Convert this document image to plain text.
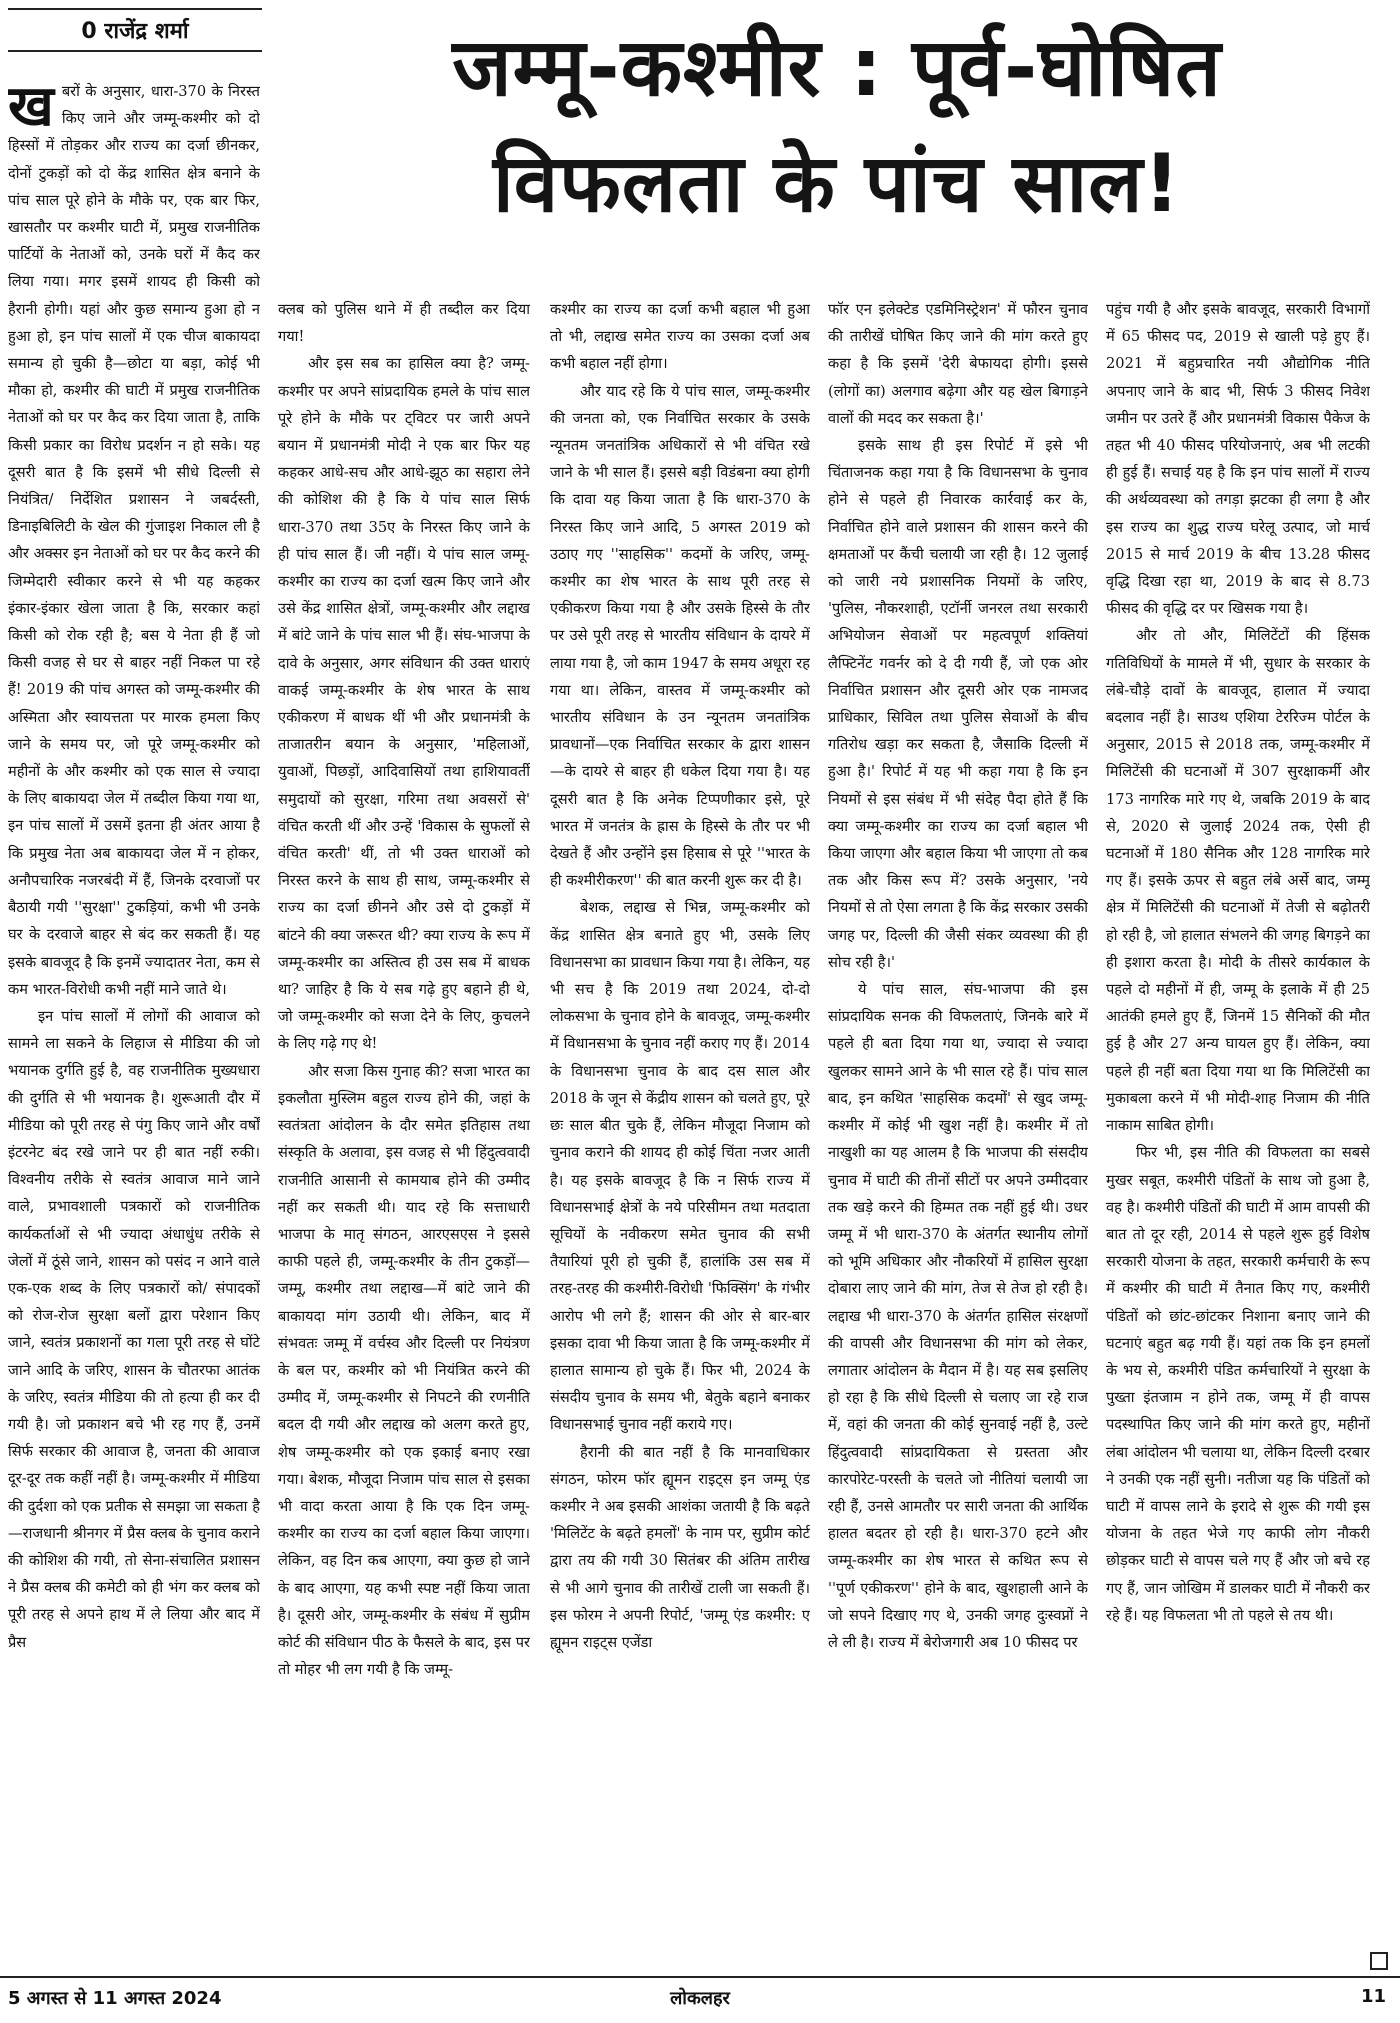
0 राजेंद्र शर्मा	जम्मू-कश्मीर : पूर्व-घोषित
विफलता के पांच साल!

खबरों के अनुसार, धारा-370 के निरस्त किए जाने और जम्मू-कश्मीर को दो हिस्सों में तोड़कर और राज्य का दर्जा छीनकर, दोनों टुकड़ों को दो केंद्र शासित क्षेत्र बनाने के पांच साल पूरे होने के मौके पर, एक बार फिर, खासतौर पर कश्मीर घाटी में, प्रमुख राजनीतिक पार्टियों के नेताओं को, उनके घरों में कैद कर लिया गया। मगर इसमें शायद ही किसी को हैरानी होगी। यहां और कुछ समान्य हुआ हो न हुआ हो, इन पांच सालों में एक चीज बाकायदा समान्य हो चुकी है—छोटा या बड़ा, कोई भी मौका हो, कश्मीर की घाटी में प्रमुख राजनीतिक नेताओं को घर पर कैद कर दिया जाता है, ताकि किसी प्रकार का विरोध प्रदर्शन न हो सके। यह दूसरी बात है कि इसमें भी सीधे दिल्ली से नियंत्रित/ निर्देशित प्रशासन ने जबर्दस्ती, डिनाइबिलिटी के खेल की गुंजाइश निकाल ली है और अक्सर इन नेताओं को घर पर कैद करने की जिम्मेदारी स्वीकार करने से भी यह कहकर इंकार-इंकार खेला जाता है कि, सरकार कहां किसी को रोक रही है; बस ये नेता ही हैं जो किसी वजह से घर से बाहर नहीं निकल पा रहे हैं! 2019 की पांच अगस्त को जम्मू-कश्मीर की अस्मिता और स्वायत्तता पर मारक हमला किए जाने के समय पर, जो पूरे जम्मू-कश्मीर को महीनों के और कश्मीर को एक साल से ज्यादा के लिए बाकायदा जेल में तब्दील किया गया था, इन पांच सालों में उसमें इतना ही अंतर आया है कि प्रमुख नेता अब बाकायदा जेल में न होकर, अनौपचारिक नजरबंदी में हैं, जिनके दरवाजों पर बैठायी गयी ''सुरक्षा'' टुकड़ियां, कभी भी उनके घर के दरवाजे बाहर से बंद कर सकती हैं। यह इसके बावजूद है कि इनमें ज्यादातर नेता, कम से कम भारत-विरोधी कभी नहीं माने जाते थे।

इन पांच सालों में लोगों की आवाज को सामने ला सकने के लिहाज से मीडिया की जो भयानक दुर्गति हुई है, वह राजनीतिक मुख्यधारा की दुर्गति से भी भयानक है। शुरूआती दौर में मीडिया को पूरी तरह से पंगु किए जाने और वर्षों इंटरनेट बंद रखे जाने पर ही बात नहीं रुकी। विश्वनीय तरीके से स्वतंत्र आवाज माने जाने वाले, प्रभावशाली पत्रकारों को राजनीतिक कार्यकर्ताओं से भी ज्यादा अंधाधुंध तरीके से जेलों में ठूंसे जाने, शासन को पसंद न आने वाले एक-एक शब्द के लिए पत्रकारों को/ संपादकों को रोज-रोज सुरक्षा बलों द्वारा परेशान किए जाने, स्वतंत्र प्रकाशनों का गला पूरी तरह से घोंटे जाने आदि के जरिए, शासन के चौतरफा आतंक के जरिए, स्वतंत्र मीडिया की तो हत्या ही कर दी गयी है। जो प्रकाशन बचे भी रह गए हैं, उनमें सिर्फ सरकार की आवाज है, जनता की आवाज दूर-दूर तक कहीं नहीं है। जम्मू-कश्मीर में मीडिया की दुर्दशा को एक प्रतीक से समझा जा सकता है—राजधानी श्रीनगर में प्रैस क्लब के चुनाव कराने की कोशिश की गयी, तो सेना-संचालित प्रशासन ने प्रैस क्लब की कमेटी को ही भंग कर क्लब को पूरी तरह से अपने हाथ में ले लिया और बाद में प्रैस

क्लब को पुलिस थाने में ही तब्दील कर दिया गया!

और इस सब का हासिल क्या है? जम्मू-कश्मीर पर अपने सांप्रदायिक हमले के पांच साल पूरे होने के मौके पर ट्विटर पर जारी अपने बयान में प्रधानमंत्री मोदी ने एक बार फिर यह कहकर आधे-सच और आधे-झूठ का सहारा लेने की कोशिश की है कि ये पांच साल सिर्फ धारा-370 तथा 35ए के निरस्त किए जाने के ही पांच साल हैं। जी नहीं। ये पांच साल जम्मू-कश्मीर का राज्य का दर्जा खत्म किए जाने और उसे केंद्र शासित क्षेत्रों, जम्मू-कश्मीर और लद्दाख में बांटे जाने के पांच साल भी हैं। संघ-भाजपा के दावे के अनुसार, अगर संविधान की उक्त धाराएं वाकई जम्मू-कश्मीर के शेष भारत के साथ एकीकरण में बाधक थीं भी और प्रधानमंत्री के ताजातरीन बयान के अनुसार, 'महिलाओं, युवाओं, पिछड़ों, आदिवासियों तथा हाशियावर्ती समुदायों को सुरक्षा, गरिमा तथा अवसरों से' वंचित करती थीं और उन्हें 'विकास के सुफलों से वंचित करती' थीं, तो भी उक्त धाराओं को निरस्त करने के साथ ही साथ, जम्मू-कश्मीर से राज्य का दर्जा छीनने और उसे दो टुकड़ों में बांटने की क्या जरूरत थी? क्या राज्य के रूप में जम्मू-कश्मीर का अस्तित्व ही उस सब में बाधक था? जाहिर है कि ये सब गढ़े हुए बहाने ही थे, जो जम्मू-कश्मीर को सजा देने के लिए, कुचलने के लिए गढ़े गए थे!

और सजा किस गुनाह की? सजा भारत का इकलौता मुस्लिम बहुल राज्य होने की, जहां के स्वतंत्रता आंदोलन के दौर समेत इतिहास तथा संस्कृति के अलावा, इस वजह से भी हिंदुत्ववादी राजनीति आसानी से कामयाब होने की उम्मीद नहीं कर सकती थी। याद रहे कि सत्ताधारी भाजपा के मातृ संगठन, आरएसएस ने इससे काफी पहले ही, जम्मू-कश्मीर के तीन टुकड़ों—जम्मू, कश्मीर तथा लद्दाख—में बांटे जाने की बाकायदा मांग उठायी थी। लेकिन, बाद में संभवतः जम्मू में वर्चस्व और दिल्ली पर नियंत्रण के बल पर, कश्मीर को भी नियंत्रित करने की उम्मीद में, जम्मू-कश्मीर से निपटने की रणनीति बदल दी गयी और लद्दाख को अलग करते हुए, शेष जम्मू-कश्मीर को एक इकाई बनाए रखा गया। बेशक, मौजूदा निजाम पांच साल से इसका भी वादा करता आया है कि एक दिन जम्मू-कश्मीर का राज्य का दर्जा बहाल किया जाएगा। लेकिन, वह दिन कब आएगा, क्या कुछ हो जाने के बाद आएगा, यह कभी स्पष्ट नहीं किया जाता है। दूसरी ओर, जम्मू-कश्मीर के संबंध में सुप्रीम कोर्ट की संविधान पीठ के फैसले के बाद, इस पर तो मोहर भी लग गयी है कि जम्मू-

कश्मीर का राज्य का दर्जा कभी बहाल भी हुआ तो भी, लद्दाख समेत राज्य का उसका दर्जा अब कभी बहाल नहीं होगा।

और याद रहे कि ये पांच साल, जम्मू-कश्मीर की जनता को, एक निर्वाचित सरकार के उसके न्यूनतम जनतांत्रिक अधिकारों से भी वंचित रखे जाने के भी साल हैं। इससे बड़ी विडंबना क्या होगी कि दावा यह किया जाता है कि धारा-370 के निरस्त किए जाने आदि, 5 अगस्त 2019 को उठाए गए ''साहसिक'' कदमों के जरिए, जम्मू-कश्मीर का शेष भारत के साथ पूरी तरह से एकीकरण किया गया है और उसके हिस्से के तौर पर उसे पूरी तरह से भारतीय संविधान के दायरे में लाया गया है, जो काम 1947 के समय अधूरा रह गया था। लेकिन, वास्तव में जम्मू-कश्मीर को भारतीय संविधान के उन न्यूनतम जनतांत्रिक प्रावधानों—एक निर्वाचित सरकार के द्वारा शासन—के दायरे से बाहर ही धकेल दिया गया है। यह दूसरी बात है कि अनेक टिप्पणीकार इसे, पूरे भारत में जनतंत्र के ह्रास के हिस्से के तौर पर भी देखते हैं और उन्होंने इस हिसाब से पूरे ''भारत के ही कश्मीरीकरण'' की बात करनी शुरू कर दी है।

बेशक, लद्दाख से भिन्न, जम्मू-कश्मीर को केंद्र शासित क्षेत्र बनाते हुए भी, उसके लिए विधानसभा का प्रावधान किया गया है। लेकिन, यह भी सच है कि 2019 तथा 2024, दो-दो लोकसभा के चुनाव होने के बावजूद, जम्मू-कश्मीर में विधानसभा के चुनाव नहीं कराए गए हैं। 2014 के विधानसभा चुनाव के बाद दस साल और 2018 के जून से केंद्रीय शासन को चलते हुए, पूरे छः साल बीत चुके हैं, लेकिन मौजूदा निजाम को चुनाव कराने की शायद ही कोई चिंता नजर आती है। यह इसके बावजूद है कि न सिर्फ राज्य में विधानसभाई क्षेत्रों के नये परिसीमन तथा मतदाता सूचियों के नवीकरण समेत चुनाव की सभी तैयारियां पूरी हो चुकी हैं, हालांकि उस सब में तरह-तरह की कश्मीरी-विरोधी 'फिक्सिंग' के गंभीर आरोप भी लगे हैं; शासन की ओर से बार-बार इसका दावा भी किया जाता है कि जम्मू-कश्मीर में हालात सामान्य हो चुके हैं। फिर भी, 2024 के संसदीय चुनाव के समय भी, बेतुके बहाने बनाकर विधानसभाई चुनाव नहीं कराये गए।

हैरानी की बात नहीं है कि मानवाधिकार संगठन, फोरम फॉर ह्यूमन राइट्स इन जम्मू एंड कश्मीर ने अब इसकी आशंका जतायी है कि बढ़ते 'मिलिटेंट के बढ़ते हमलों' के नाम पर, सुप्रीम कोर्ट द्वारा तय की गयी 30 सितंबर की अंतिम तारीख से भी आगे चुनाव की तारीखें टाली जा सकती हैं। इस फोरम ने अपनी रिपोर्ट, 'जम्मू एंड कश्मीर: ए ह्यूमन राइट्स एजेंडा

फॉर एन इलेक्टेड एडमिनिस्ट्रेशन' में फौरन चुनाव की तारीखें घोषित किए जाने की मांग करते हुए कहा है कि इसमें 'देरी बेफायदा होगी। इससे (लोगों का) अलगाव बढ़ेगा और यह खेल बिगाड़ने वालों की मदद कर सकता है।'

इसके साथ ही इस रिपोर्ट में इसे भी चिंताजनक कहा गया है कि विधानसभा के चुनाव होने से पहले ही निवारक कार्रवाई कर के, निर्वाचित होने वाले प्रशासन की शासन करने की क्षमताओं पर कैंची चलायी जा रही है। 12 जुलाई को जारी नये प्रशासनिक नियमों के जरिए, 'पुलिस, नौकरशाही, एटॉर्नी जनरल तथा सरकारी अभियोजन सेवाओं पर महत्वपूर्ण शक्तियां लैफ्टिनेंट गवर्नर को दे दी गयी हैं, जो एक ओर निर्वाचित प्रशासन और दूसरी ओर एक नामजद प्राधिकार, सिविल तथा पुलिस सेवाओं के बीच गतिरोध खड़ा कर सकता है, जैसाकि दिल्ली में हुआ है।' रिपोर्ट में यह भी कहा गया है कि इन नियमों से इस संबंध में भी संदेह पैदा होते हैं कि क्या जम्मू-कश्मीर का राज्य का दर्जा बहाल भी किया जाएगा और बहाल किया भी जाएगा तो कब तक और किस रूप में? उसके अनुसार, 'नये नियमों से तो ऐसा लगता है कि केंद्र सरकार उसकी जगह पर, दिल्ली की जैसी संकर व्यवस्था की ही सोच रही है।'

ये पांच साल, संघ-भाजपा की इस सांप्रदायिक सनक की विफलताएं, जिनके बारे में पहले ही बता दिया गया था, ज्यादा से ज्यादा खुलकर सामने आने के भी साल रहे हैं। पांच साल बाद, इन कथित 'साहसिक कदमों' से खुद जम्मू-कश्मीर में कोई भी खुश नहीं है। कश्मीर में तो नाखुशी का यह आलम है कि भाजपा की संसदीय चुनाव में घाटी की तीनों सीटों पर अपने उम्मीदवार तक खड़े करने की हिम्मत तक नहीं हुई थी। उधर जम्मू में भी धारा-370 के अंतर्गत स्थानीय लोगों को भूमि अधिकार और नौकरियों में हासिल सुरक्षा दोबारा लाए जाने की मांग, तेज से तेज हो रही है। लद्दाख भी धारा-370 के अंतर्गत हासिल संरक्षणों की वापसी और विधानसभा की मांग को लेकर, लगातार आंदोलन के मैदान में है। यह सब इसलिए हो रहा है कि सीधे दिल्ली से चलाए जा रहे राज में, वहां की जनता की कोई सुनवाई नहीं है, उल्टे हिंदुत्ववादी सांप्रदायिकता से ग्रस्तता और कारपोरेट-परस्ती के चलते जो नीतियां चलायी जा रही हैं, उनसे आमतौर पर सारी जनता की आर्थिक हालत बदतर हो रही है। धारा-370 हटने और जम्मू-कश्मीर का शेष भारत से कथित रूप से ''पूर्ण एकीकरण'' होने के बाद, खुशहाली आने के जो सपने दिखाए गए थे, उनकी जगह दुःस्वप्नों ने ले ली है। राज्य में बेरोजगारी अब 10 फीसद पर

पहुंच गयी है और इसके बावजूद, सरकारी विभागों में 65 फीसद पद, 2019 से खाली पड़े हुए हैं। 2021 में बहुप्रचारित नयी औद्योगिक नीति अपनाए जाने के बाद भी, सिर्फ 3 फीसद निवेश जमीन पर उतरे हैं और प्रधानमंत्री विकास पैकेज के तहत भी 40 फीसद परियोजनाएं, अब भी लटकी ही हुई हैं। सचाई यह है कि इन पांच सालों में राज्य की अर्थव्यवस्था को तगड़ा झटका ही लगा है और इस राज्य का शुद्ध राज्य घरेलू उत्पाद, जो मार्च 2015 से मार्च 2019 के बीच 13.28 फीसद वृद्धि दिखा रहा था, 2019 के बाद से 8.73 फीसद की वृद्धि दर पर खिसक गया है।

और तो और, मिलिटेंटों की हिंसक गतिविधियों के मामले में भी, सुधार के सरकार के लंबे-चौड़े दावों के बावजूद, हालात में ज्यादा बदलाव नहीं है। साउथ एशिया टेररिज्म पोर्टल के अनुसार, 2015 से 2018 तक, जम्मू-कश्मीर में मिलिटेंसी की घटनाओं में 307 सुरक्षाकर्मी और 173 नागरिक मारे गए थे, जबकि 2019 के बाद से, 2020 से जुलाई 2024 तक, ऐसी ही घटनाओं में 180 सैनिक और 128 नागरिक मारे गए हैं। इसके ऊपर से बहुत लंबे अर्से बाद, जम्मू क्षेत्र में मिलिटेंसी की घटनाओं में तेजी से बढ़ोतरी हो रही है, जो हालात संभलने की जगह बिगड़ने का ही इशारा करता है। मोदी के तीसरे कार्यकाल के पहले दो महीनों में ही, जम्मू के इलाके में ही 25 आतंकी हमले हुए हैं, जिनमें 15 सैनिकों की मौत हुई है और 27 अन्य घायल हुए हैं। लेकिन, क्या पहले ही नहीं बता दिया गया था कि मिलिटेंसी का मुकाबला करने में भी मोदी-शाह निजाम की नीति नाकाम साबित होगी।

फिर भी, इस नीति की विफलता का सबसे मुखर सबूत, कश्मीरी पंडितों के साथ जो हुआ है, वह है। कश्मीरी पंडितों की घाटी में आम वापसी की बात तो दूर रही, 2014 से पहले शुरू हुई विशेष सरकारी योजना के तहत, सरकारी कर्मचारी के रूप में कश्मीर की घाटी में तैनात किए गए, कश्मीरी पंडितों को छांट-छांटकर निशाना बनाए जाने की घटनाएं बहुत बढ़ गयी हैं। यहां तक कि इन हमलों के भय से, कश्मीरी पंडित कर्मचारियों ने सुरक्षा के पुख्ता इंतजाम न होने तक, जम्मू में ही वापस पदस्थापित किए जाने की मांग करते हुए, महीनों लंबा आंदोलन भी चलाया था, लेकिन दिल्ली दरबार ने उनकी एक नहीं सुनी। नतीजा यह कि पंडितों को घाटी में वापस लाने के इरादे से शुरू की गयी इस योजना के तहत भेजे गए काफी लोग नौकरी छोड़कर घाटी से वापस चले गए हैं और जो बचे रह गए हैं, जान जोखिम में डालकर घाटी में नौकरी कर रहे हैं। यह विफलता भी तो पहले से तय थी।

5 अगस्त से 11 अगस्त 2024	लोकलहर	11
